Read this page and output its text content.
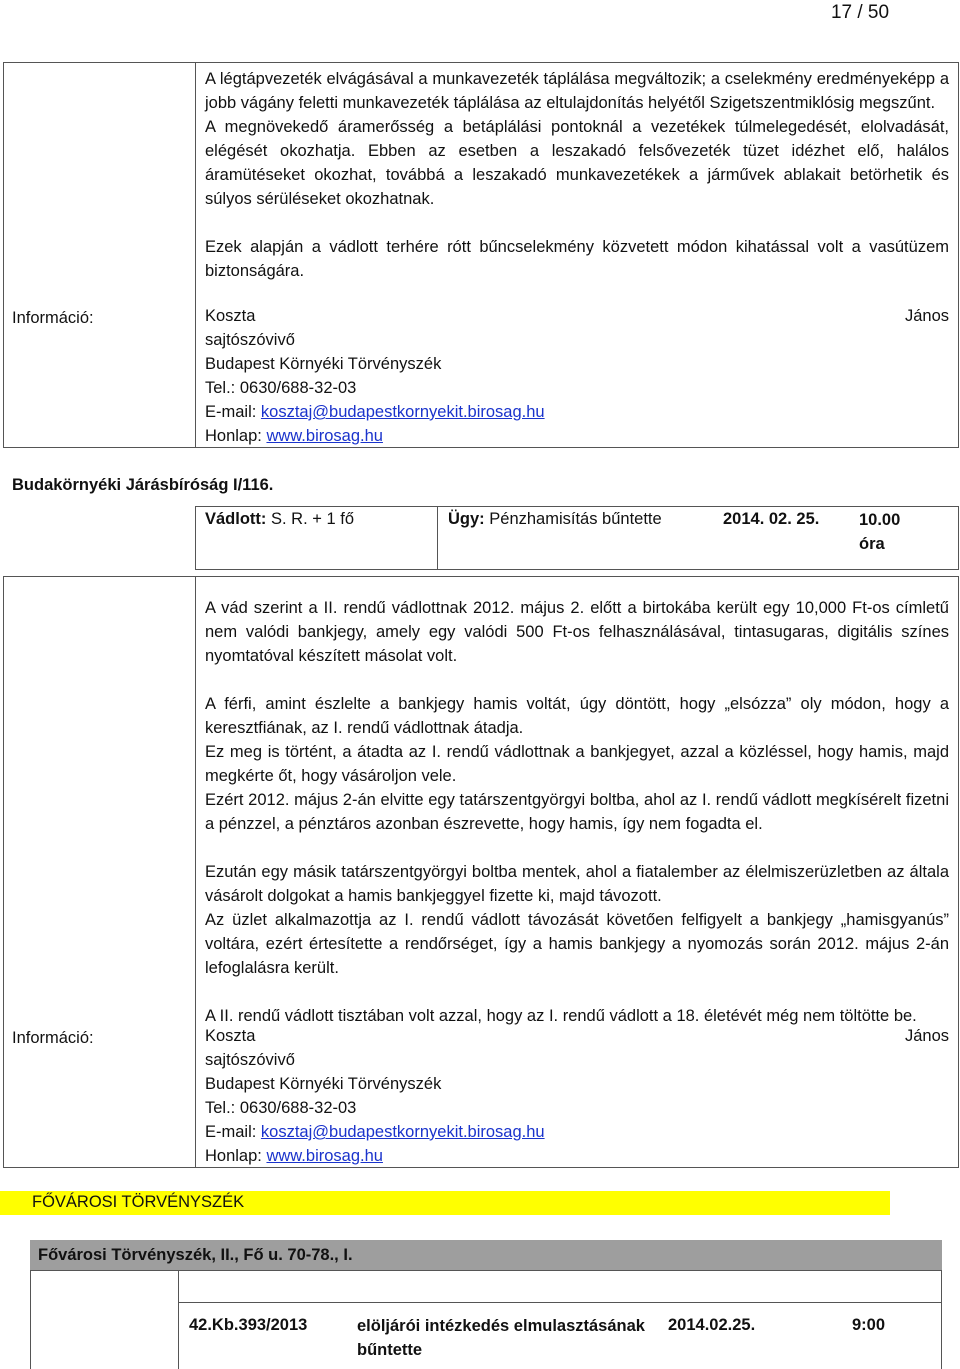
17 / 50

A légtápvezeték elvágásával a munkavezeték táplálása megváltozik; a cselekmény eredményeképp a jobb vágány feletti munkavezeték táplálása az eltulajdonítás helyétől Szigetszentmiklósig megszűnt.

A megnövekedő áramerősség a betáplálási pontoknál a vezetékek túlmelegedését, elolvadását, elégését okozhatja. Ebben az esetben a leszakadó felsővezeték tüzet idézhet elő, halálos áramütéseket okozhat, továbbá a leszakadó munkavezetékek a járművek ablakait betörhetik és súlyos sérüléseket okozhatnak.

Ezek alapján a vádlott terhére rótt bűncselekmény közvetett módon kihatással volt a vasútüzem biztonságára.

Információ:	Koszta	János
sajtószóvivő
Budapest Környéki Törvényszék
Tel.: 0630/688-32-03
E-mail: kosztaj@budapestkornyekit.birosag.hu
Honlap: www.birosag.hu
Budakörnyéki Járásbíróság I/116.
Vádlott: S. R. + 1 fő	Ügy: Pénzhamisítás bűntette	2014. 02. 25. 10.00
óra

A vád szerint a II. rendű vádlottnak 2012. május 2. előtt a birtokába került egy 10,000 Ft-os címletű nem valódi bankjegy, amely egy valódi 500 Ft-os felhasználásával, tintasugaras, digitális színes nyomtatóval készített másolat volt.

A férfi, amint észlelte a bankjegy hamis voltát, úgy döntött, hogy „elsózza” oly módon, hogy a keresztfiának, az I. rendű vádlottnak átadja.

Ez meg is történt, a átadta az I. rendű vádlottnak a bankjegyet, azzal a közléssel, hogy hamis, majd megkérte őt, hogy vásároljon vele.

Ezért 2012. május 2-án elvitte egy tatárszentgyörgyi boltba, ahol az I. rendű vádlott megkísérelt fizetni a pénzzel, a pénztáros azonban észrevette, hogy hamis, így nem fogadta el.

Ezután egy másik tatárszentgyörgyi boltba mentek, ahol a fiatalember az élelmiszerüzletben az általa vásárolt dolgokat a hamis bankjeggyel fizette ki, majd távozott.

Az üzlet alkalmazottja az I. rendű vádlott távozását követően felfigyelt a bankjegy „hamisgyanús” voltára, ezért értesítette a rendőrséget, így a hamis bankjegy a nyomozás során 2012. május 2-án lefoglalásra került.

A II. rendű vádlott tisztában volt azzal, hogy az I. rendű vádlott a 18. életévét még nem töltötte be.

Információ:	Koszta	János
sajtószóvivő
Budapest Környéki Törvényszék
Tel.: 0630/688-32-03
E-mail: kosztaj@budapestkornyekit.birosag.hu
Honlap: www.birosag.hu
FŐVÁROSI TÖRVÉNYSZÉK
Fővárosi Törvényszék, II., Fő u. 70-78., I.
42.Kb.393/2013	elöljárói intézkedés elmulasztásának
bűntette
2014.02.25.	9:00
